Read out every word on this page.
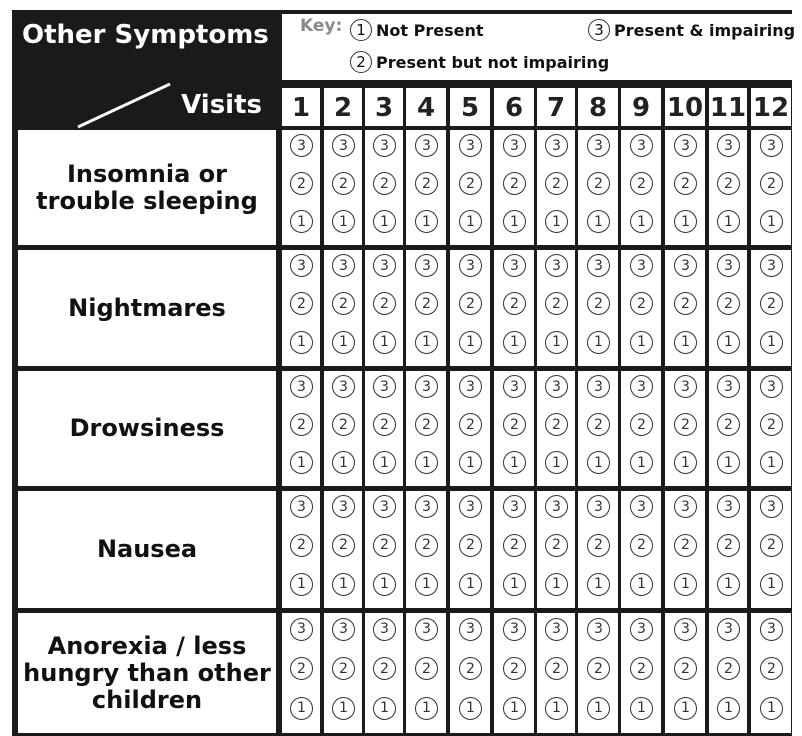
Other Symptoms Key: 1 Not Present	3 Present & impairing
2 Present but not impairing
Visits	1 2 3 4 5 6 7 8 9 10 11 12
Insomnia or trouble sleeping
3
2
1
3
2
1
3
2
1
3
2
1
3
2
1
3
2
1
3
2
1
3
2
1
3
2
1
3
2
1
3
2
1
3
2
1
Nightmares
3
2
1
3
2
1
3
2
1
3
2
1
3
2
1
3
2
1
3
2
1
3
2
1
3
2
1
3
2
1
3
2
1
3
2
1
Drowsiness
3
2
1
3
2
1
3
2
1
3
2
1
3
2
1
3
2
1
3
2
1
3
2
1
3
2
1
3
2
1
3
2
1
3
2
1
Nausea
3
2
1
3
2
1
3
2
1
3
2
1
3
2
1
3
2
1
3
2
1
3
2
1
3
2
1
3
2
1
3
2
1
3
2
1
Anorexia / less hungry than other children
3
2
1
3
2
1
3
2
1
3
2
1
3
2
1
3
2
1
3
2
1
3
2
1
3
2
1
3
2
1
3
2
1
3
2
1
